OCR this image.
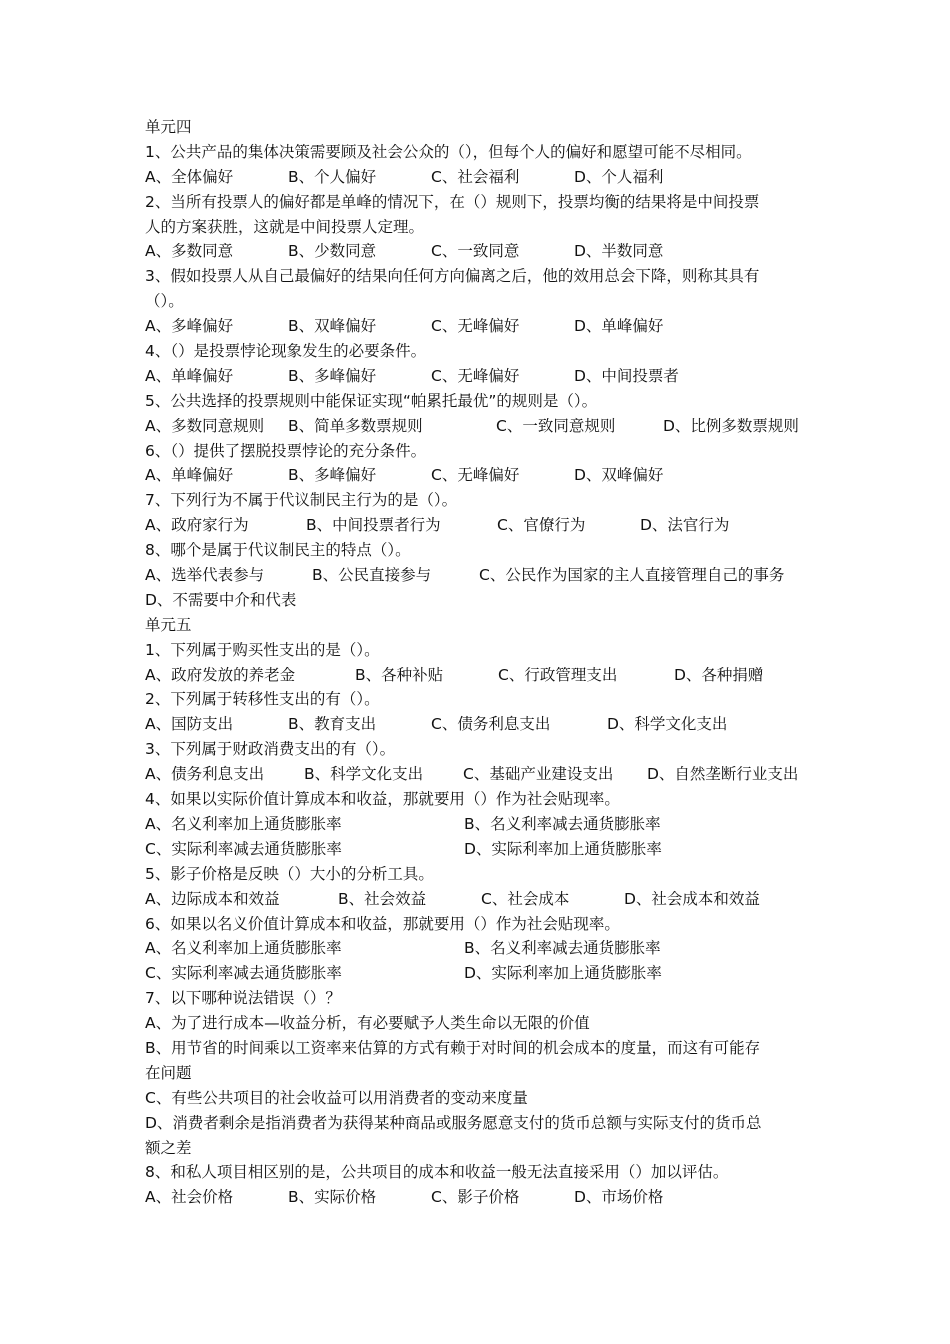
单元四
1、公共产品的集体决策需要顾及社会公众的（），但每个人的偏好和愿望可能不尽相同。
A、全体偏好	B、个人偏好	C、社会福利	D、个人福利
2、当所有投票人的偏好都是单峰的情况下，在（）规则下，投票均衡的结果将是中间投票
人的方案获胜，这就是中间投票人定理。
A、多数同意	B、少数同意	C、一致同意	D、半数同意
3、假如投票人从自己最偏好的结果向任何方向偏离之后，他的效用总会下降，则称其具有
（）。
A、多峰偏好	B、双峰偏好	C、无峰偏好	D、单峰偏好
4、（）是投票悖论现象发生的必要条件。
A、单峰偏好	B、多峰偏好	C、无峰偏好	D、中间投票者
5、公共选择的投票规则中能保证实现“帕累托最优”的规则是（）。
A、多数同意规则 B、简单多数票规则	C、一致同意规则	D、比例多数票规则
6、（）提供了摆脱投票悖论的充分条件。
A、单峰偏好	B、多峰偏好	C、无峰偏好	D、双峰偏好
7、下列行为不属于代议制民主行为的是（）。
A、政府家行为	B、中间投票者行为	C、官僚行为	D、法官行为
8、哪个是属于代议制民主的特点（）。
A、选举代表参与	B、公民直接参与	C、公民作为国家的主人直接管理自己的事务
D、不需要中介和代表
单元五
1、下列属于购买性支出的是（）。
A、政府发放的养老金	B、各种补贴	C、行政管理支出	D、各种捐赠
2、下列属于转移性支出的有（）。
A、国防支出	B、教育支出	C、债务利息支出	D、科学文化支出
3、下列属于财政消费支出的有（）。
A、债务利息支出	B、科学文化支出	C、基础产业建设支出 D、自然垄断行业支出
4、如果以实际价值计算成本和收益，那就要用（）作为社会贴现率。
A、名义利率加上通货膨胀率	B、名义利率减去通货膨胀率
C、实际利率减去通货膨胀率	D、实际利率加上通货膨胀率
5、影子价格是反映（）大小的分析工具。
A、边际成本和效益	B、社会效益	C、社会成本	D、社会成本和效益
6、如果以名义价值计算成本和收益，那就要用（）作为社会贴现率。
A、名义利率加上通货膨胀率	B、名义利率减去通货膨胀率
C、实际利率减去通货膨胀率	D、实际利率加上通货膨胀率
7、以下哪种说法错误（）？
A、为了进行成本—收益分析，有必要赋予人类生命以无限的价值
B、用节省的时间乘以工资率来估算的方式有赖于对时间的机会成本的度量，而这有可能存
在问题
C、有些公共项目的社会收益可以用消费者的变动来度量
D、消费者剩余是指消费者为获得某种商品或服务愿意支付的货币总额与实际支付的货币总
额之差
8、和私人项目相区别的是，公共项目的成本和收益一般无法直接采用（）加以评估。
A、社会价格	B、实际价格	C、影子价格	D、市场价格
